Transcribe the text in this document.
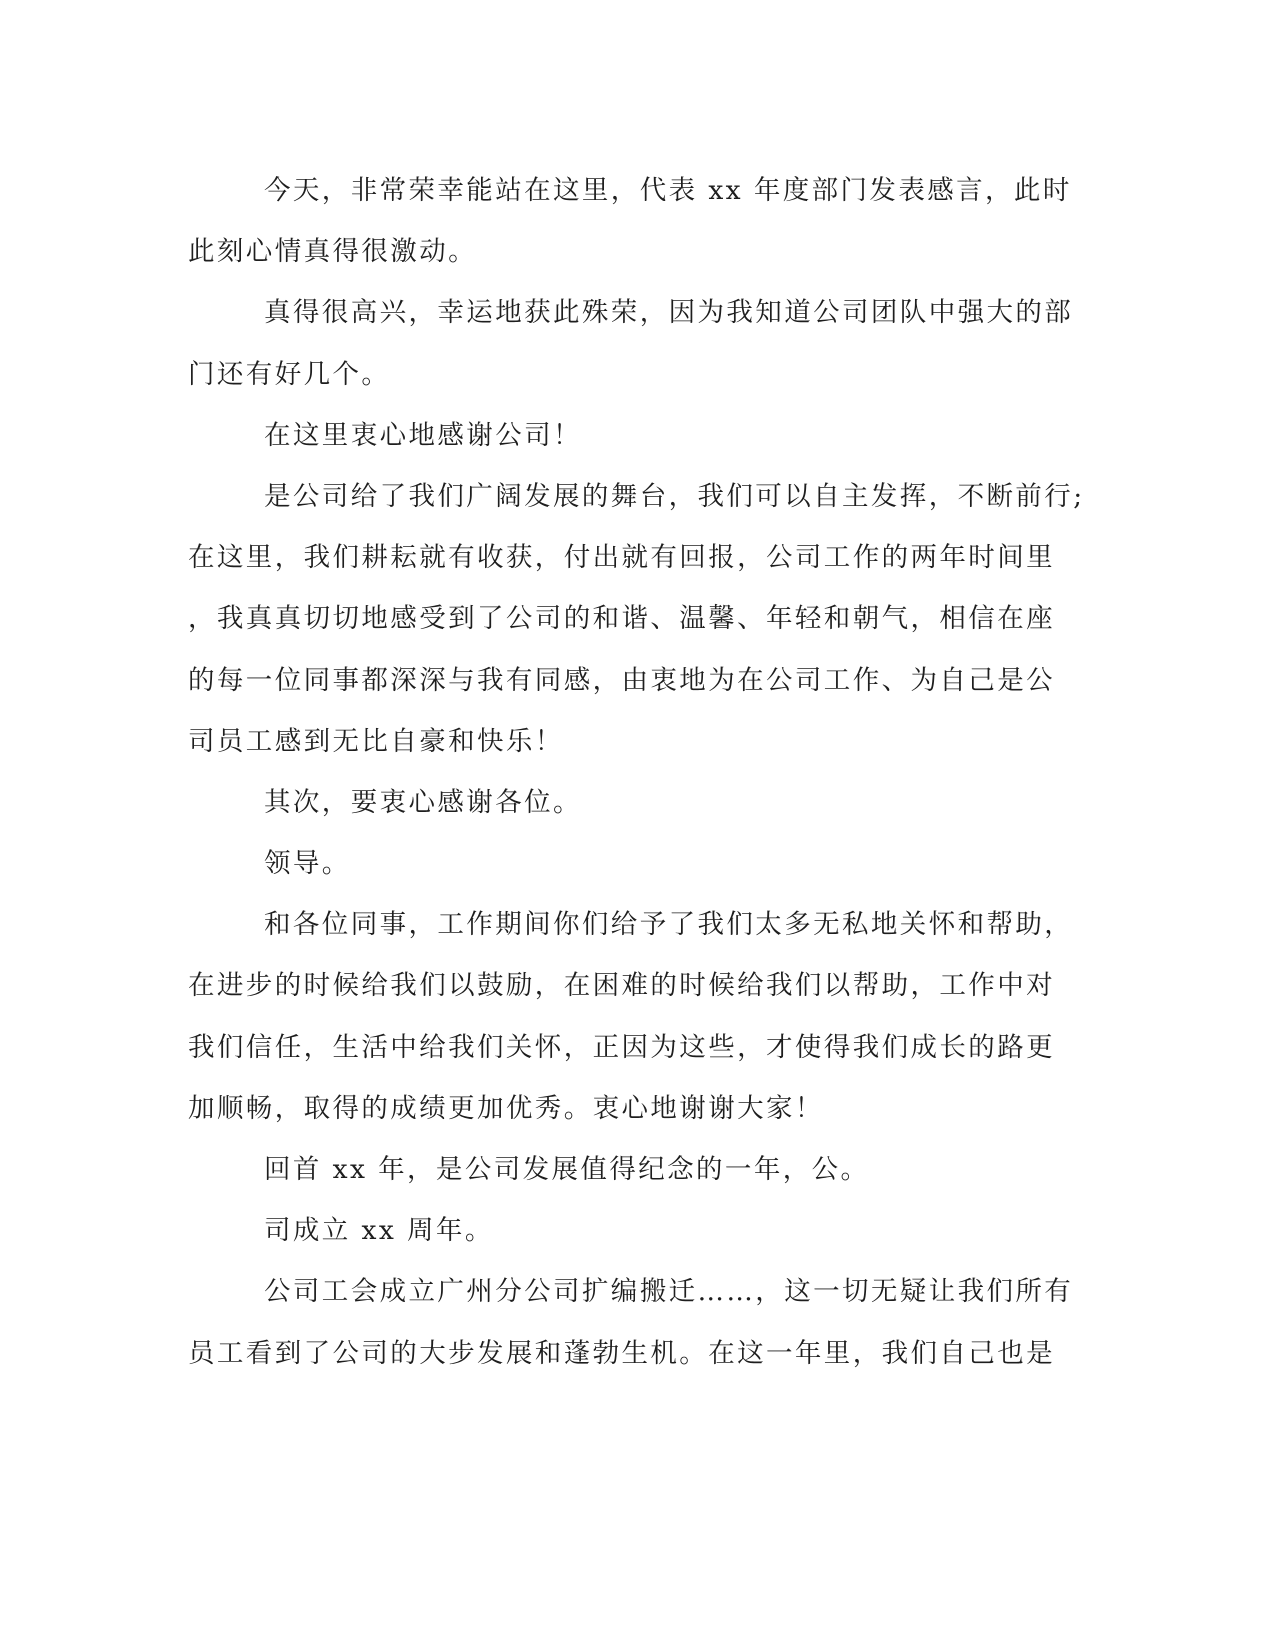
今天，非常荣幸能站在这里，代表 xx 年度部门发表感言，此时

此刻心情真得很激动。

真得很高兴，幸运地获此殊荣，因为我知道公司团队中强大的部

门还有好几个。

在这里衷心地感谢公司！

是公司给了我们广阔发展的舞台，我们可以自主发挥，不断前行;

在这里，我们耕耘就有收获，付出就有回报，公司工作的两年时间里

，我真真切切地感受到了公司的和谐、温馨、年轻和朝气，相信在座

的每一位同事都深深与我有同感，由衷地为在公司工作、为自己是公

司员工感到无比自豪和快乐！

其次，要衷心感谢各位。

领导。

和各位同事，工作期间你们给予了我们太多无私地关怀和帮助，

在进步的时候给我们以鼓励，在困难的时候给我们以帮助，工作中对

我们信任，生活中给我们关怀，正因为这些，才使得我们成长的路更

加顺畅，取得的成绩更加优秀。衷心地谢谢大家！

回首 xx 年，是公司发展值得纪念的一年，公。

司成立 xx 周年。

公司工会成立广州分公司扩编搬迁……，这一切无疑让我们所有

员工看到了公司的大步发展和蓬勃生机。在这一年里，我们自己也是
